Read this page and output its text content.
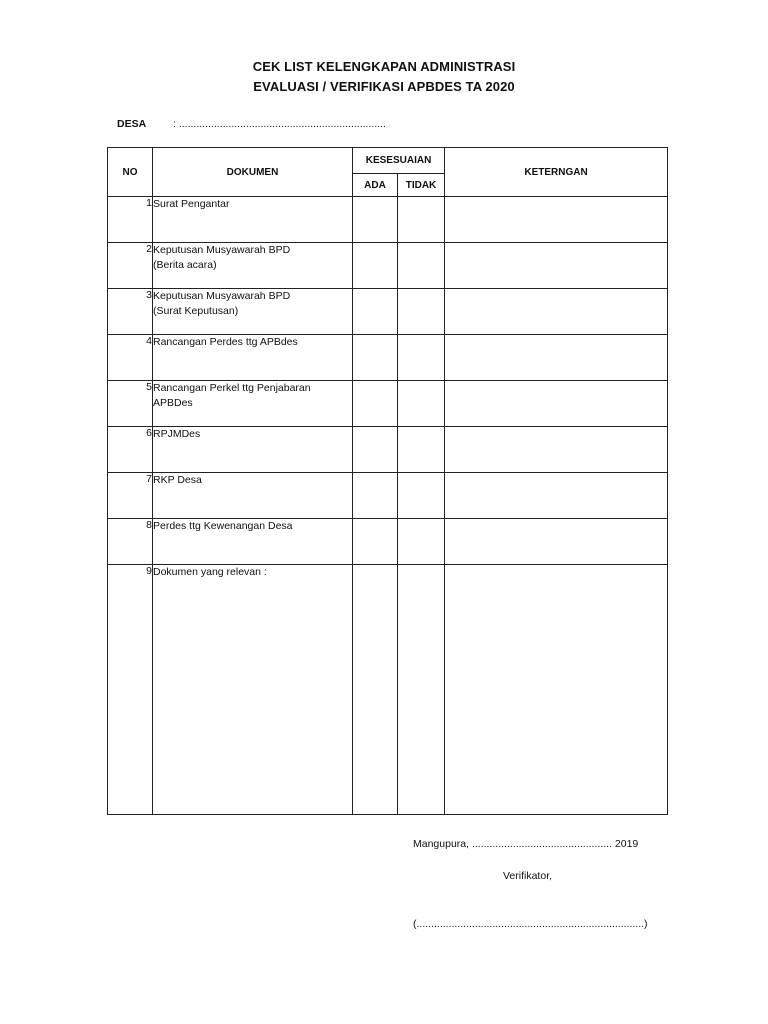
CEK LIST KELENGKAPAN ADMINISTRASI
EVALUASI / VERIFIKASI APBDES TA 2020
DESA	: .......................................................................
NO	DOKUMEN	KESESUAIAN		KETERNGAN
		ADA	TIDAK	
1	Surat Pengantar			

2	Keputusan Musyawarah BPD
(Berita acara)			

3	Keputusan Musyawarah BPD
(Surat Keputusan)			

4	Rancangan Perdes ttg APBdes			

5	Rancangan Perkel ttg Penjabaran
APBDes			

6	RPJMDes			

7	RKP Desa			

8	Perdes ttg Kewenangan Desa			

9	Dokumen yang relevan :			

Mangupura, ................................................ 2019
Verifikator,
(..............................................................................)
